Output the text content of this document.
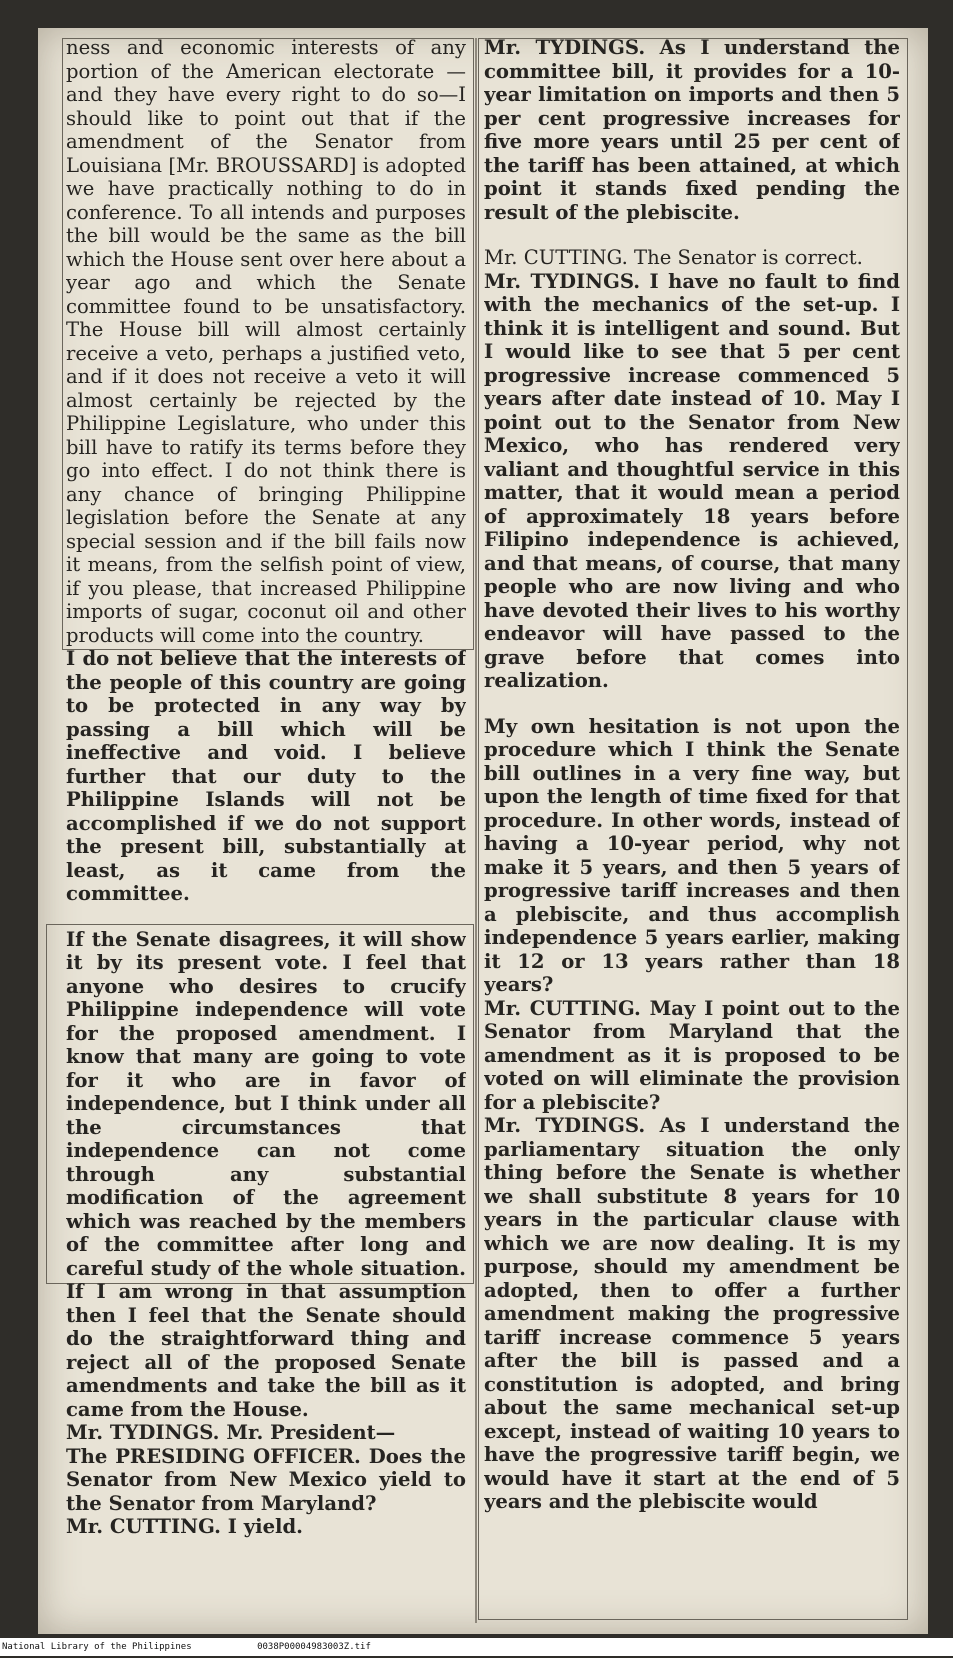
ness and economic interests of any portion of the American electorate —and they have every right to do so—I should like to point out that if the amendment of the Senator from Louisiana [Mr. BROUSSARD] is adopted we have practically nothing to do in conference. To all intends and purposes the bill would be the same as the bill which the House sent over here about a year ago and which the Senate committee found to be unsatisfactory. The House bill will almost certainly receive a veto, perhaps a justified veto, and if it does not receive a veto it will almost certainly be rejected by the Philippine Legislature, who under this bill have to ratify its terms before they go into effect. I do not think there is any chance of bringing Philippine legislation before the Senate at any special session and if the bill fails now it means, from the selfish point of view, if you please, that increased Philippine imports of sugar, coconut oil and other products will come into the country.

I do not believe that the interests of the people of this country are going to be protected in any way by passing a bill which will be ineffective and void. I believe further that our duty to the Philippine Islands will not be accomplished if we do not support the present bill, substantially at least, as it came from the committee.

If the Senate disagrees, it will show it by its present vote. I feel that anyone who desires to crucify Philippine independence will vote for the proposed amendment. I know that many are going to vote for it who are in favor of independence, but I think under all the circumstances that independence can not come through any substantial modification of the agreement which was reached by the members of the committee after long and careful study of the whole situation. If I am wrong in that assumption then I feel that the Senate should do the straightforward thing and reject all of the proposed Senate amendments and take the bill as it came from the House.

Mr. TYDINGS. Mr. President—

The PRESIDING OFFICER. Does the Senator from New Mexico yield to the Senator from Maryland?

Mr. CUTTING. I yield.

Mr. TYDINGS. As I understand the committee bill, it provides for a 10-year limitation on imports and then 5 per cent progressive increases for five more years until 25 per cent of the tariff has been attained, at which point it stands fixed pending the result of the plebiscite.

Mr. CUTTING. The Senator is correct.

Mr. TYDINGS. I have no fault to find with the mechanics of the set-up. I think it is intelligent and sound. But I would like to see that 5 per cent progressive increase commenced 5 years after date instead of 10. May I point out to the Senator from New Mexico, who has rendered very valiant and thoughtful service in this matter, that it would mean a period of approximately 18 years before Filipino independence is achieved, and that means, of course, that many people who are now living and who have devoted their lives to his worthy endeavor will have passed to the grave before that comes into realization.

My own hesitation is not upon the procedure which I think the Senate bill outlines in a very fine way, but upon the length of time fixed for that procedure. In other words, instead of having a 10-year period, why not make it 5 years, and then 5 years of progressive tariff increases and then a plebiscite, and thus accomplish independence 5 years earlier, making it 12 or 13 years rather than 18 years?

Mr. CUTTING. May I point out to the Senator from Maryland that the amendment as it is proposed to be voted on will eliminate the provision for a plebiscite?

Mr. TYDINGS. As I understand the parliamentary situation the only thing before the Senate is whether we shall substitute 8 years for 10 years in the particular clause with which we are now dealing. It is my purpose, should my amendment be adopted, then to offer a further amendment making the progressive tariff increase commence 5 years after the bill is passed and a constitution is adopted, and bring about the same mechanical set-up except, instead of waiting 10 years to have the progressive tariff begin, we would have it start at the end of 5 years and the plebiscite would

National Library of the Philippines	0038P00004983003Z.tif
